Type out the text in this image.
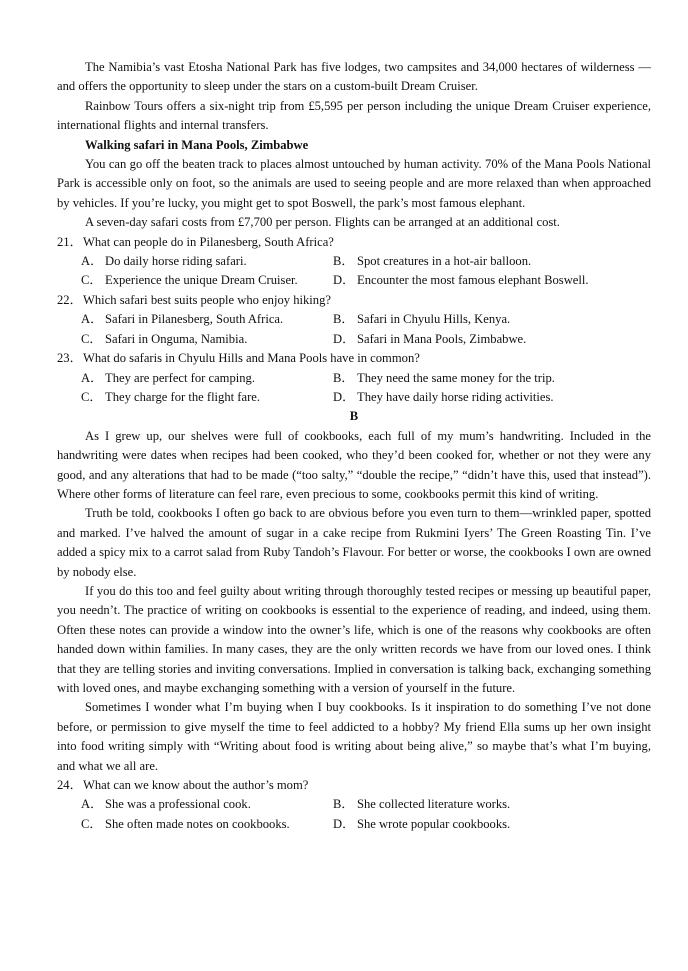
The Namibia’s vast Etosha National Park has five lodges, two campsites and 34,000 hectares of wilderness — and offers the opportunity to sleep under the stars on a custom-built Dream Cruiser.

Rainbow Tours offers a six-night trip from £5,595 per person including the unique Dream Cruiser experience, international flights and internal transfers.

Walking safari in Mana Pools, Zimbabwe

You can go off the beaten track to places almost untouched by human activity. 70% of the Mana Pools National Park is accessible only on foot, so the animals are used to seeing people and are more relaxed than when approached by vehicles. If you’re lucky, you might get to spot Boswell, the park’s most famous elephant.

A seven-day safari costs from £7,700 per person. Flights can be arranged at an additional cost.

21． What can people do in Pilanesberg, South Africa?
A． Do daily horse riding safari.	B． Spot creatures in a hot-air balloon.
C． Experience the unique Dream Cruiser.	D． Encounter the most famous elephant Boswell.
22． Which safari best suits people who enjoy hiking?
A． Safari in Pilanesberg, South Africa.	B． Safari in Chyulu Hills, Kenya.
C． Safari in Onguma, Namibia.	D． Safari in Mana Pools, Zimbabwe.
23． What do safaris in Chyulu Hills and Mana Pools have in common?
A． They are perfect for camping.	B． They need the same money for the trip.
C． They charge for the flight fare.	D． They have daily horse riding activities.
B

As I grew up, our shelves were full of cookbooks, each full of my mum’s handwriting. Included in the handwriting were dates when recipes had been cooked, who they’d been cooked for, whether or not they were any good, and any alterations that had to be made (“too salty,” “double the recipe,” “didn’t have this, used that instead”). Where other forms of literature can feel rare, even precious to some, cookbooks permit this kind of writing.

Truth be told, cookbooks I often go back to are obvious before you even turn to them—wrinkled paper, spotted and marked. I’ve halved the amount of sugar in a cake recipe from Rukmini Iyers’ The Green Roasting Tin. I’ve added a spicy mix to a carrot salad from Ruby Tandoh’s Flavour. For better or worse, the cookbooks I own are owned by nobody else.

If you do this too and feel guilty about writing through thoroughly tested recipes or messing up beautiful paper, you needn’t. The practice of writing on cookbooks is essential to the experience of reading, and indeed, using them. Often these notes can provide a window into the owner’s life, which is one of the reasons why cookbooks are often handed down within families. In many cases, they are the only written records we have from our loved ones. I think that they are telling stories and inviting conversations. Implied in conversation is talking back, exchanging something with loved ones, and maybe exchanging something with a version of yourself in the future.

Sometimes I wonder what I’m buying when I buy cookbooks. Is it inspiration to do something I’ve not done before, or permission to give myself the time to feel addicted to a hobby? My friend Ella sums up her own insight into food writing simply with “Writing about food is writing about being alive,” so maybe that’s what I’m buying, and what we all are.

24． What can we know about the author’s mom?
A． She was a professional cook.	B． She collected literature works.
C． She often made notes on cookbooks.	D． She wrote popular cookbooks.
